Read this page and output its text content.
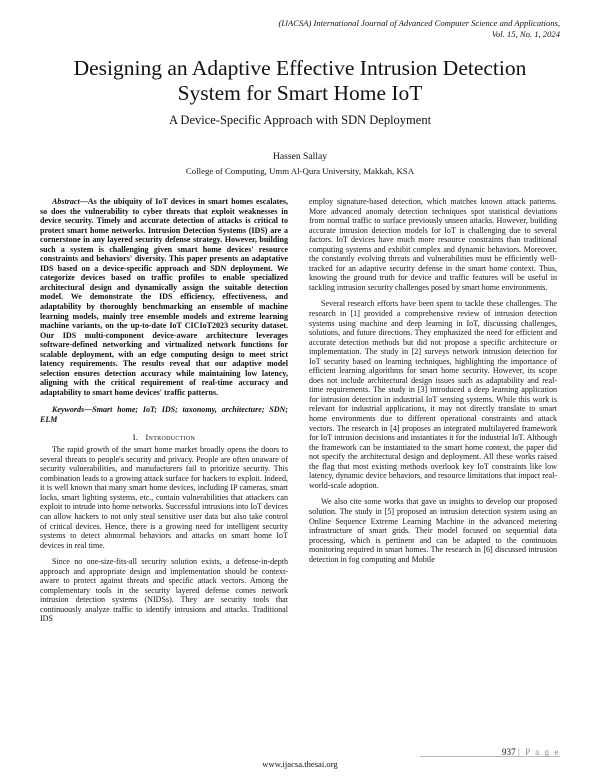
(IJACSA) International Journal of Advanced Computer Science and Applications,
Vol. 15, No. 1, 2024
Designing an Adaptive Effective Intrusion Detection
System for Smart Home IoT
A Device-Specific Approach with SDN Deployment
Hassen Sallay
College of Computing, Umm Al-Qura University, Makkah, KSA

Abstract—As the ubiquity of IoT devices in smart homes escalates, so does the vulnerability to cyber threats that exploit weaknesses in device security. Timely and accurate detection of attacks is critical to protect smart home networks. Intrusion Detection Systems (IDS) are a cornerstone in any layered security defense strategy. However, building such a system is challenging given smart home devices' resource constraints and behaviors' diversity. This paper presents an adaptative IDS based on a device-specific approach and SDN deployment. We categorize devices based on traffic profiles to enable specialized architectural design and dynamically assign the suitable detection model. We demonstrate the IDS efficiency, effectiveness, and adaptability by thoroughly benchmarking an ensemble of machine learning models, mainly tree ensemble models and extreme learning machine variants, on the up-to-date IoT CICIoT2023 security dataset. Our IDS multi-component device-aware architecture leverages software-defined networking and virtualized network functions for scalable deployment, with an edge computing design to meet strict latency requirements. The results reveal that our adaptive model selection ensures detection accuracy while maintaining low latency, aligning with the critical requirement of real-time accuracy and adaptability to smart home devices' traffic patterns.

Keywords—Smart home; IoT; IDS; taxonomy, architecture; SDN; ELM

I. Introduction

The rapid growth of the smart home market broadly opens the doors to several threats to people's security and privacy. People are often unaware of security vulnerabilities, and manufacturers fail to prioritize security. This combination leads to a growing attack surface for hackers to exploit. Indeed, it is well known that many smart home devices, including IP cameras, smart locks, smart lighting systems, etc., contain vulnerabilities that attackers can exploit to intrude into home networks. Successful intrusions into IoT devices can allow hackers to not only steal sensitive user data but also take control of critical devices. Hence, there is a growing need for intelligent security systems to detect abnormal behaviors and attacks on smart home IoT devices in real time.

Since no one-size-fits-all security solution exists, a defense-in-depth approach and appropriate design and implementation should be context-aware to protect against threats and specific attack vectors. Among the complementary tools in the security layered defense comes network intrusion detection systems (NIDSs). They are security tools that continuously analyze traffic to identify intrusions and attacks. Traditional IDS

employ signature-based detection, which matches known attack patterns. More advanced anomaly detection techniques spot statistical deviations from normal traffic to surface previously unseen attacks. However, building accurate intrusion detection models for IoT is challenging due to several factors. IoT devices have much more resource constraints than traditional computing systems and exhibit complex and dynamic behaviors. Moreover, the constantly evolving threats and vulnerabilities must be efficiently well-tracked for an adaptive security defense in the smart home context. Thus, knowing the ground truth for device and traffic features will be useful in tackling intrusion security challenges posed by smart home environments.

Several research efforts have been spent to tackle these challenges. The research in [1] provided a comprehensive review of intrusion detection systems using machine and deep learning in IoT, discussing challenges, solutions, and future directions. They emphasized the need for efficient and accurate detection methods but did not propose a specific architecture or implementation. The study in [2] surveys network intrusion detection for IoT security based on learning techniques, highlighting the importance of efficient learning algorithms for smart home security. However, its scope does not include architectural design issues such as adaptability and real-time requirements. The study in [3] introduced a deep learning application for intrusion detection in industrial IoT sensing systems. While this work is relevant for industrial applications, it may not directly translate to smart home environments due to different operational constraints and attack vectors. The research in [4] proposes an integrated multilayered framework for IoT intrusion decisions and instantiates it for the industrial IoT. Although the framework can be instantiated to the smart home context, the paper did not specify the architectural design and deployment. All these works raised the flag that most existing methods overlook key IoT constraints like low latency, dynamic device behaviors, and resource limitations that impact real-world-scale adoption.

We also cite some works that gave us insights to develop our proposed solution. The study in [5] proposed an intrusion detection system using an Online Sequence Extreme Learning Machine in the advanced metering infrastructure of smart grids. Their model focused on sequential data processing, which is pertinent and can be adapted to the continuous monitoring required in smart homes. The research in [6] discussed intrusion detection in fog computing and Mobile

937 | P a g e
www.ijacsa.thesai.org
